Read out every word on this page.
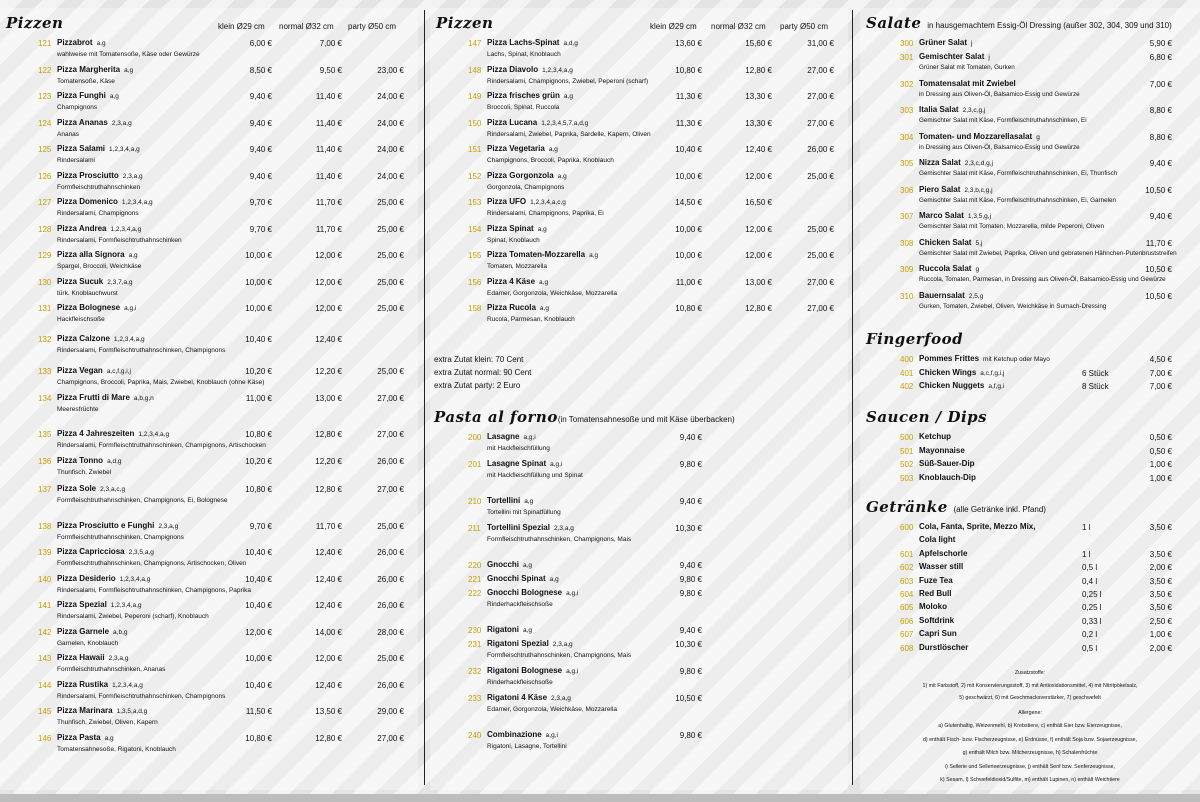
Pizzen	klein Ø29 cm normal Ø32 cm party Ø50 cm
121 Pizzabrot a,g
wahlweise mit Tomatensoße, Käse oder Gewürze
6,00 €	7,00 €
122 Pizza Margherita a,g
Tomatensoße, Käse
8,50 €	9,50 €	23,00 €
123 Pizza Funghi a,g
Champignons
9,40 €	11,40 €	24,00 €
124 Pizza Ananas 2,3,a,g
Ananas
9,40 €	11,40 €	24,00 €
125 Pizza Salami 1,2,3,4,a,g
Rindersalami
9,40 €	11,40 €	24,00 €
126 Pizza Prosciutto 2,3,a,g
Formfleischtruthahnschinken
9,40 €	11,40 €	24,00 €
127 Pizza Domenico 1,2,3,4,a,g
Rindersalami, Champignons
9,70 €	11,70 €	25,00 €
128 Pizza Andrea 1,2,3,4,a,g
Rindersalami, Formfleischtruthahnschinken
9,70 €	11,70 €	25,00 €
129 Pizza alla Signora a,g
Spargel, Broccoli, Weichkäse
10,00 €	12,00 €	25,00 €
130 Pizza Sucuk 2,3,7,a,g
türk. Knoblauchwurst
10,00 €	12,00 €	25,00 €
131 Pizza Bolognese a,g,i
Hackfleischsoße
10,00 €	12,00 €	25,00 €
132 Pizza Calzone 1,2,3,4,a,g
Rindersalami, Formfleischtruthahnschinken, Champignons
10,40 €	12,40 €
133 Pizza Vegan a,c,f,g,i,j
Champignons, Broccoli, Paprika, Mais, Zwiebel, Knoblauch (ohne Käse)
10,20 €	12,20 €	25,00 €
134 Pizza Frutti di Mare a,b,g,n
Meeresfrüchte
11,00 €	13,00 €	27,00 €
135 Pizza 4 Jahreszeiten 1,2,3,4,a,g
Rindersalami, Formfleischtruthahnschinken, Champignons, Artischocken
10,80 €	12,80 €	27,00 €
136 Pizza Tonno a,d,g
Thunfisch, Zwiebel
10,20 €	12,20 €	26,00 €
137 Pizza Sole 2,3,a,c,g
Formfleischtruthahnschinken, Champignons, Ei, Bolognese
10,80 €	12,80 €	27,00 €
138 Pizza Prosciutto e Funghi 2,3,a,g
Formfleischtruthahnschinken, Champignons
9,70 €	11,70 €	25,00 €
139 Pizza Capricciosa 2,3,5,a,g
Formfleischtruthahnschinken, Champignons, Artischocken, Oliven
10,40 €	12,40 €	26,00 €
140 Pizza Desiderio 1,2,3,4,a,g
Rindersalami, Formfleischtruthahnschinken, Champignons, Paprika
10,40 €	12,40 €	26,00 €
141 Pizza Spezial 1,2,3,4,a,g
Rindersalami, Zwiebel, Peperoni (scharf), Knoblauch
10,40 €	12,40 €	26,00 €
142 Pizza Garnele a,b,g
Garnelen, Knoblauch
12,00 €	14,00 €	28,00 €
143 Pizza Hawaii 2,3,a,g
Formfleischtruthahnschinken, Ananas
10,00 €	12,00 €	25,00 €
144 Pizza Rustika 1,2,3,4,a,g
Rindersalami, Formfleischtruthahnschinken, Champignons
10,40 €	12,40 €	26,00 €
145 Pizza Marinara 1,3,5,a,d,g
Thunfisch, Zwiebel, Oliven, Kapern
11,50 €	13,50 €	29,00 €
146 Pizza Pasta a,g
Tomatensahnesoße, Rigatoni, Knoblauch
10,80 €	12,80 €	27,00 €
Pizzen	klein Ø29 cm normal Ø32 cm party Ø50 cm
147 Pizza Lachs-Spinat a,d,g
Lachs, Spinat, Knoblauch
13,60 €	15,60 €	31,00 €
148 Pizza Diavolo 1,2,3,4,a,g
Rindersalami, Champignons, Zwiebel, Peperoni (scharf)
10,80 €	12,80 €	27,00 €
149 Pizza frisches grün a,g
Broccoli, Spinat, Ruccola
11,30 €	13,30 €	27,00 €
150 Pizza Lucana 1,2,3,4,5,7,a,d,g
Rindersalami, Zwiebel, Paprika, Sardelle, Kapern, Oliven
11,30 €	13,30 €	27,00 €
151 Pizza Vegetaria a,g
Champignons, Broccoli, Paprika, Knoblauch
10,40 €	12,40 €	26,00 €
152 Pizza Gorgonzola a,g
Gorgonzola, Champignons
10,00 €	12,00 €	25,00 €
153 Pizza UFO 1,2,3,4,a,c,g
Rindersalami, Champignons, Paprika, Ei
14,50 €	16,50 €
154 Pizza Spinat a,g
Spinat, Knoblauch
10,00 €	12,00 €	25,00 €
155 Pizza Tomaten-Mozzarella a,g
Tomaten, Mozzarella
10,00 €	12,00 €	25,00 €
156 Pizza 4 Käse a,g
Edamer, Gorgonzola, Weichkäse, Mozzarella
11,00 €	13,00 €	27,00 €
158 Pizza Rucola a,g
Rucola, Parmesan, Knoblauch
10,80 €	12,80 €	27,00 €
extra Zutat klein: 70 Cent
extra Zutat normal: 90 Cent
extra Zutat party: 2 Euro
Pasta al forno(in Tomatensahnesoße und mit Käse überbacken)
200 Lasagne a,g,i
mit Hackfleischfüllung
9,40 €
201 Lasagne Spinat a,g,i
mit Hackfleischfüllung und Spinat
9,80 €
210 Tortellini a,g
Tortellini mit Spinatfüllung
9,40 €
211 Tortellini Spezial 2,3,a,g
Formfleischtruthahnschinken, Champignons, Mais
10,30 €
220 Gnocchi a,g	9,40 €
221 Gnocchi Spinat a,g	9,80 €
222 Gnocchi Bolognese a,g,i
Rinderhackfleischsoße
9,80 €
230 Rigatoni a,g	9,40 €
231 Rigatoni Spezial 2,3,a,g
Formfleischtruthahnschinken, Champignons, Mais
10,30 €
232 Rigatoni Bolognese a,g,i
Rinderhackfleischsoße
9,80 €
233 Rigatoni 4 Käse 2,3,a,g
Edamer, Gorgonzola, Weichkäse, Mozzarella
10,50 €
240 Combinazione a,g,i
Rigatoni, Lasagne, Tortellini
9,80 €
Salate in hausgemachtem Essig-Öl Dressing (außer 302, 304, 309 und 310)
300 Grüner Salat j	5,90 €
301 Gemischter Salat j
Grüner Salat mit Tomaten, Gurken
6,80 €
302 Tomatensalat mit Zwiebel
in Dressing aus Oliven-Öl, Balsamico-Essig und Gewürze
7,00 €
303 Italia Salat 2,3,c,g,j
Gemischter Salat mit Käse, Formfleischtruthahnschinken, Ei
8,80 €
304 Tomaten- und Mozzarellasalat g
in Dressing aus Oliven-Öl, Balsamico-Essig und Gewürze
8,80 €
305 Nizza Salat 2,3,c,d,g,j
Gemischter Salat mit Käse, Formfleischtruthahnschinken, Ei, Thunfisch
9,40 €
306 Piero Salat 2,3,b,c,g,j
Gemischter Salat mit Käse, Formfleischtruthahnschinken, Ei, Garnelen
10,50 €
307 Marco Salat 1,3,5,g,j
Gemischter Salat mit Tomaten, Mozzarella, milde Peperoni, Oliven
9,40 €
308 Chicken Salat 5,j
Gemischter Salat mit Zwiebel, Paprika, Oliven und gebratenen Hähnchen-Putenbruststreifen
11,70 €
309 Ruccola Salat g
Ruccola, Tomaten, Parmesan, in Dressing aus Oliven-Öl, Balsamico-Essig und Gewürze
10,50 €
310 Bauernsalat 2,5,g
Gurken, Tomaten, Zwiebel, Oliven, Weichkäse in Sumach-Dressing
10,50 €
Fingerfood
400 Pommes Frittes mit Ketchup oder Mayo	4,50 €
401 Chicken Wings a,c,f,g,i,j	6 Stück	7,00 €
402 Chicken Nuggets a,f,g,i	8 Stück	7,00 €
Saucen / Dips
500 Ketchup	0,50 €
501 Mayonnaise	0,50 €
502 Süß-Sauer-Dip	1,00 €
503 Knoblauch-Dip	1,00 €
Getränke (alle Getränke inkl. Pfand)
600 Cola, Fanta, Sprite, Mezzo Mix,	1 l	3,50 €
Cola light
601 Apfelschorle	1 l	3,50 €
602 Wasser still	0,5 l	2,00 €
603 Fuze Tea	0,4 l	3,50 €
604 Red Bull	0,25 l	3,50 €
605 Moloko	0,25 l	3,50 €
606 Softdrink	0,33 l	2,50 €
607 Capri Sun	0,2 l	1,00 €
608 Durstlöscher	0,5 l	2,00 €
Zusatzstoffe:
1) mit Farbstoff, 2) mit Konservierungsstoff, 3) mit Antioxidationsmittel, 4) mit Nitritpökelsalz,
5) geschwärzt, 6) mit Geschmacksverstärker, 7) geschwefelt
Allergene:
a) Glutenhaltig, Weizenmehl, b) Krebstiere, c) enthält Eier bzw. Eierzeugnisse,
d) enthält Fisch- bzw. Fischerzeugnisse, e) Erdnüsse, f) enthält Soja bzw. Sojaerzeugnisse,
g) enthält Milch bzw. Milcherzeugnisse, h) Schalenfrüchte
i) Sellerie und Sellerieerzeugnisse, j) enthält Senf bzw. Senferzeugnisse,
k) Sesam, l) Schwefeldioxid/Sulfite, m) enthält Lupinen, n) enthält Weichtiere
